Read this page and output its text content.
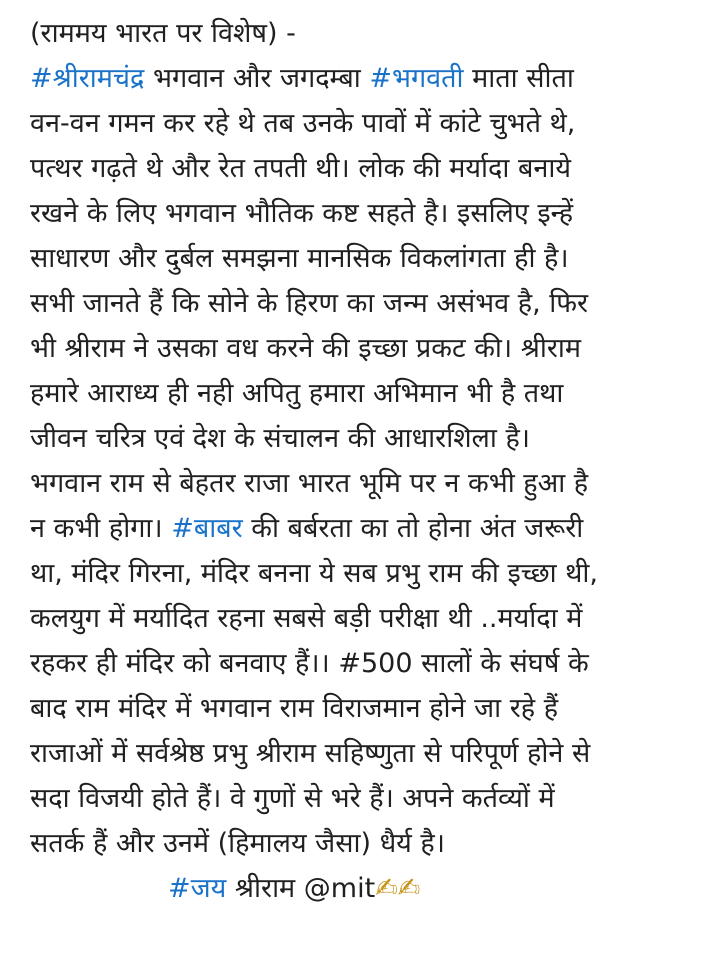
(राममय भारत पर विशेष) -
#श्रीरामचंद्र भगवान और जगदम्बा #भगवती माता सीता
वन-वन गमन कर रहे थे तब उनके पावों में कांटे चुभते थे,
पत्थर गढ़ते थे और रेत तपती थी। लोक की मर्यादा बनाये
रखने के लिए भगवान भौतिक कष्ट सहते है। इसलिए इन्हें
साधारण और दुर्बल समझना मानसिक विकलांगता ही है।
सभी जानते हैं कि सोने के हिरण का जन्म असंभव है, फिर
भी श्रीराम ने उसका वध करने की इच्छा प्रकट की। श्रीराम
हमारे आराध्य ही नही अपितु हमारा अभिमान भी है तथा
जीवन चरित्र एवं देश के संचालन की आधारशिला है।
भगवान राम से बेहतर राजा भारत भूमि पर न कभी हुआ है
न कभी होगा। #बाबर की बर्बरता का तो होना अंत जरूरी
था, मंदिर गिरना, मंदिर बनना ये सब प्रभु राम की इच्छा थी,
कलयुग में मर्यादित रहना सबसे बड़ी परीक्षा थी ..मर्यादा में
रहकर ही मंदिर को बनवाए हैं।। #500 सालों के संघर्ष के
बाद राम मंदिर में भगवान राम विराजमान होने जा रहे हैं
राजाओं में सर्वश्रेष्ठ प्रभु श्रीराम सहिष्णुता से परिपूर्ण होने से
सदा विजयी होते हैं। वे गुणों से भरे हैं। अपने कर्तव्यों में
सतर्क हैं और उनमें (हिमालय जैसा) धैर्य है।
#जय श्रीराम @mit✍✍
